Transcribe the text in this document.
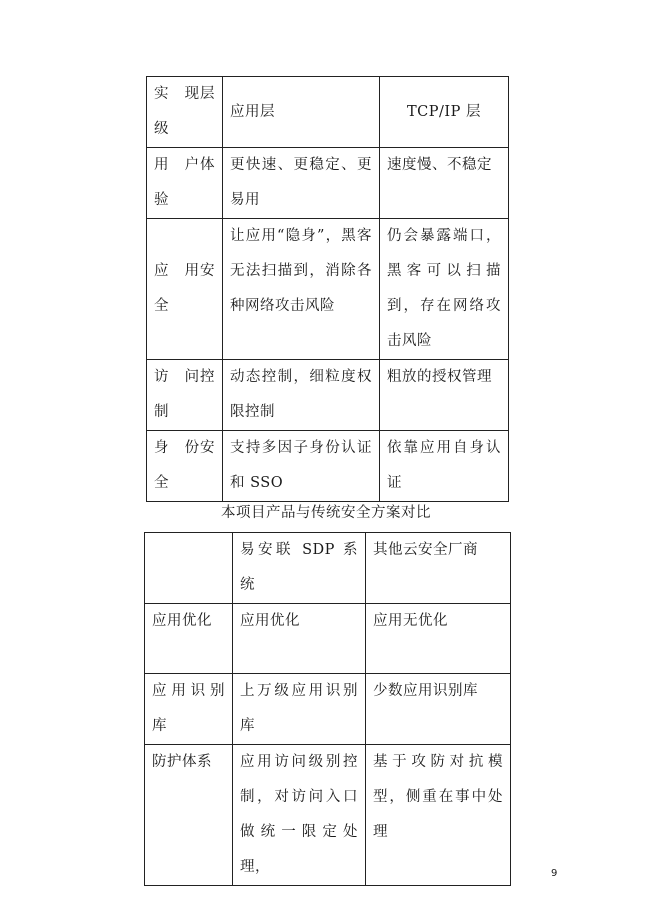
实　现层级	应用层	TCP/IP 层
用　户体验	更快速、更稳定、更易用	速度慢、不稳定
应　用安全	让应用“隐身”，黑客无法扫描到，消除各种网络攻击风险	仍会暴露端口，黑客可以扫描到，存在网络攻击风险
访　问控制	动态控制，细粒度权限控制	粗放的授权管理
身　份安全	支持多因子身份认证和 SSO	依靠应用自身认证
本项目产品与传统安全方案对比
	易安联 SDP 系统	其他云安全厂商
应用优化	应用优化	应用无优化
应用识别库	上万级应用识别库	少数应用识别库
防护体系	应用访问级别控制，对访问入口做统一限定处理，	基于攻防对抗模型，侧重在事中处理
9
